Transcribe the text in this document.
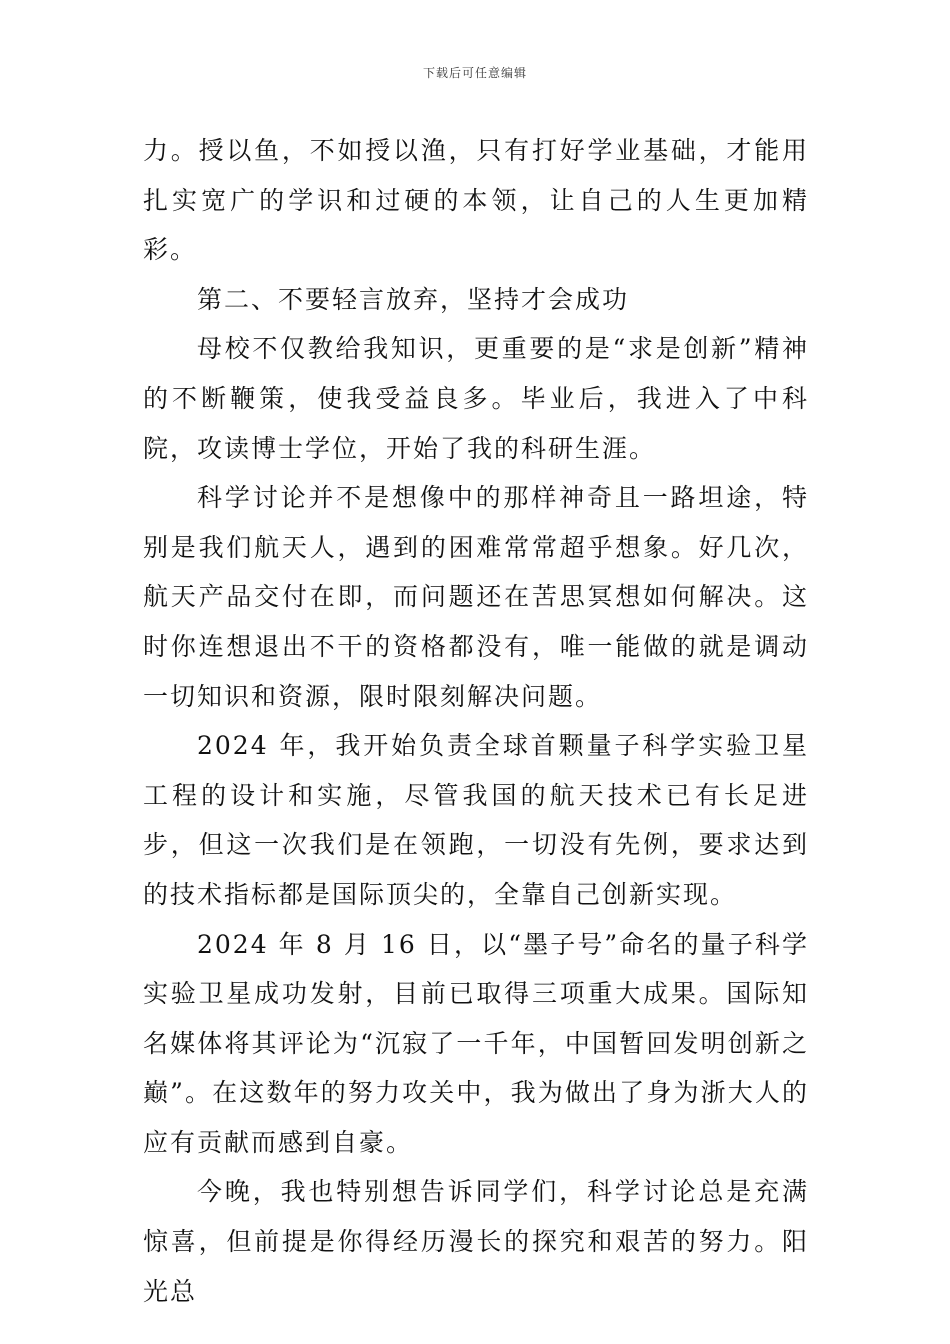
下载后可任意编辑

力。授以鱼，不如授以渔，只有打好学业基础，才能用扎实宽广的学识和过硬的本领，让自己的人生更加精彩。

第二、不要轻言放弃，坚持才会成功

母校不仅教给我知识，更重要的是“求是创新”精神的不断鞭策，使我受益良多。毕业后，我进入了中科院，攻读博士学位，开始了我的科研生涯。

科学讨论并不是想像中的那样神奇且一路坦途，特别是我们航天人，遇到的困难常常超乎想象。好几次，航天产品交付在即，而问题还在苦思冥想如何解决。这时你连想退出不干的资格都没有，唯一能做的就是调动一切知识和资源，限时限刻解决问题。

2024 年，我开始负责全球首颗量子科学实验卫星工程的设计和实施，尽管我国的航天技术已有长足进步，但这一次我们是在领跑，一切没有先例，要求达到的技术指标都是国际顶尖的，全靠自己创新实现。

2024 年 8 月 16 日，以“墨子号”命名的量子科学实验卫星成功发射，目前已取得三项重大成果。国际知名媒体将其评论为“沉寂了一千年，中国暂回发明创新之巅”。在这数年的努力攻关中，我为做出了身为浙大人的应有贡献而感到自豪。

今晚，我也特别想告诉同学们，科学讨论总是充满惊喜，但前提是你得经历漫长的探究和艰苦的努力。阳光总
